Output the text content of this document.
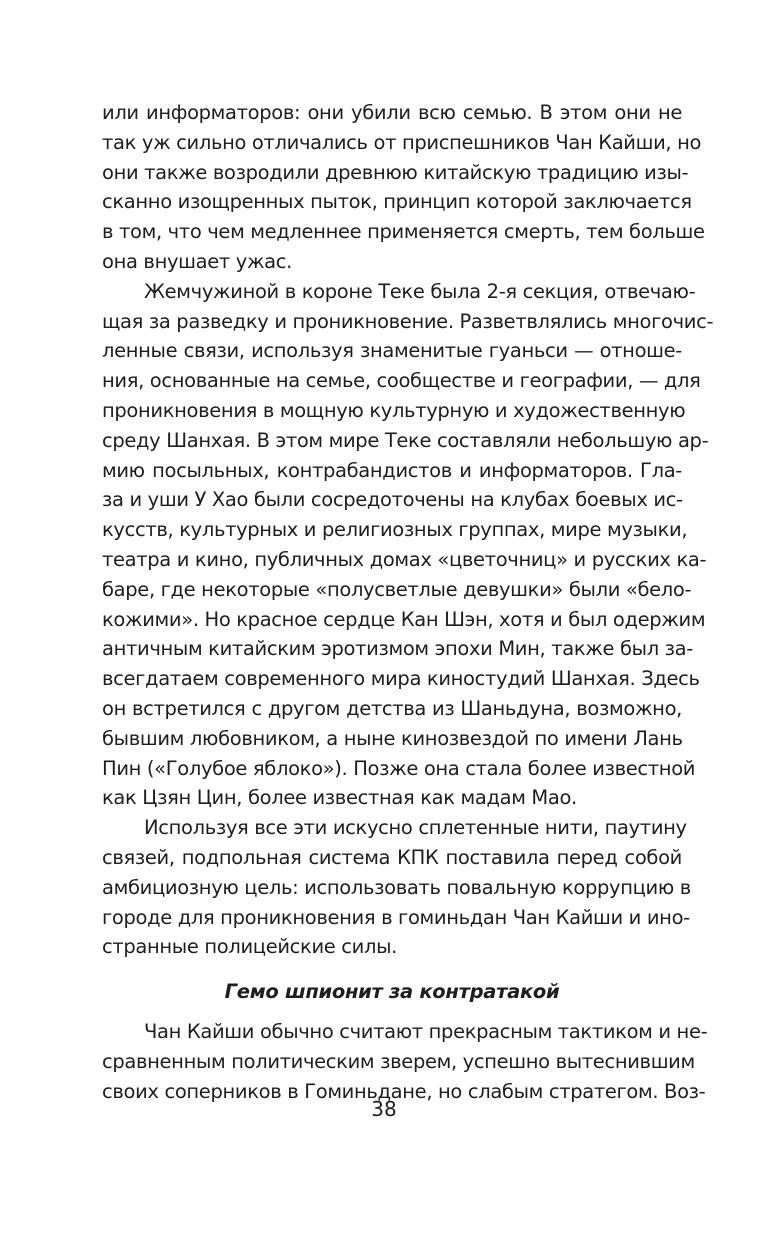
или информаторов: они убили всю семью. В этом они не
так уж сильно отличались от приспешников Чан Кайши, но
они также возродили древнюю китайскую традицию изы-
сканно изощренных пыток, принцип которой заключается
в том, что чем медленнее применяется смерть, тем больше
она внушает ужас.
Жемчужиной в короне Теке была 2-я секция, отвечаю-
щая за разведку и проникновение. Разветвлялись многочис-
ленные связи, используя знаменитые гуаньси — отноше-
ния, основанные на семье, сообществе и географии, — для
проникновения в мощную культурную и художественную
среду Шанхая. В этом мире Теке составляли небольшую ар-
мию посыльных, контрабандистов и информаторов. Гла-
за и уши У Хао были сосредоточены на клубах боевых ис-
кусств, культурных и религиозных группах, мире музыки,
театра и кино, публичных домах «цветочниц» и русских ка-
баре, где некоторые «полусветлые девушки» были «бело-
кожими». Но красное сердце Кан Шэн, хотя и был одержим
античным китайским эротизмом эпохи Мин, также был за-
всегдатаем современного мира киностудий Шанхая. Здесь
он встретился с другом детства из Шаньдуна, возможно,
бывшим любовником, а ныне кинозвездой по имени Лань
Пин («Голубое яблоко»). Позже она стала более известной
как Цзян Цин, более известная как мадам Мао.
Используя все эти искусно сплетенные нити, паутину
связей, подпольная система КПК поставила перед собой
амбициозную цель: использовать повальную коррупцию в
городе для проникновения в гоминьдан Чан Кайши и ино-
странные полицейские силы.
Гемо шпионит за контратакой
Чан Кайши обычно считают прекрасным тактиком и не-
сравненным политическим зверем, успешно вытеснившим
своих соперников в Гоминьдане, но слабым стратегом. Воз-
38
